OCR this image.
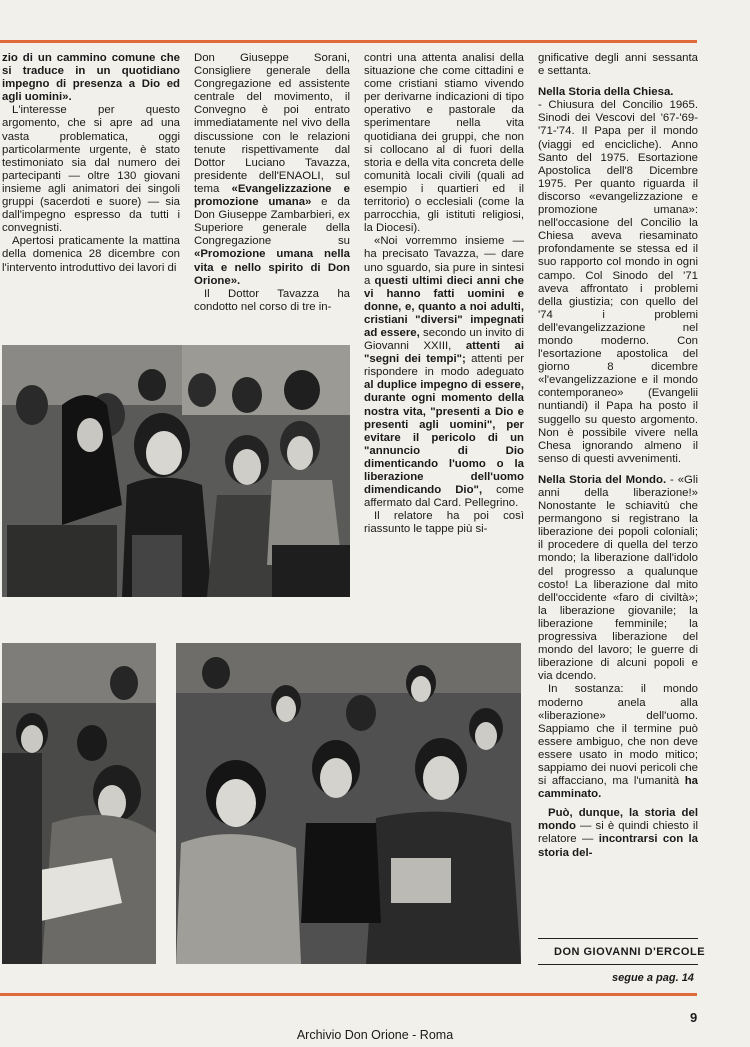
zio di un cammino comune che si traduce in un quotidiano impegno di presenza a Dio ed agli uomini».

L'interesse per questo argomento, che si apre ad una vasta problematica, oggi particolarmente urgente, è stato testimoniato sia dal numero dei partecipanti — oltre 130 giovani insieme agli animatori dei singoli gruppi (sacerdoti e suore) — sia dall'impegno espresso da tutti i convegnisti.

Apertosi praticamente la mattina della domenica 28 dicembre con l'intervento introduttivo dei lavori di

Don Giuseppe Sorani, Consigliere generale della Congregazione ed assistente centrale del movimento, il Convegno è poi entrato immediatamente nel vivo della discussione con le relazioni tenute rispettivamente dal Dottor Luciano Tavazza, presidente dell'ENAOLI, sul tema «Evangelizzazione e promozione umana» e da Don Giuseppe Zambarbieri, ex Superiore generale della Congregazione su «Promozione umana nella vita e nello spirito di Don Orione».

Il Dottor Tavazza ha condotto nel corso di tre in-

contri una attenta analisi della situazione che come cittadini e come cristiani stiamo vivendo per derivarne indicazioni di tipo operativo e pastorale da sperimentare nella vita quotidiana dei gruppi, che non si collocano al di fuori della storia e della vita concreta delle comunità locali civili (quali ad esempio i quartieri ed il territorio) o ecclesiali (come la parrocchia, gli istituti religiosi, la Diocesi).

«Noi vorremmo insieme — ha precisato Tavazza, — dare uno sguardo, sia pure in sintesi a questi ultimi dieci anni che vi hanno fatti uomini e donne, e, quanto a noi adulti, cristiani "diversi" impegnati ad essere, secondo un invito di Giovanni XXIII, attenti ai "segni dei tempi"; attenti per rispondere in modo adeguato al duplice impegno di essere, durante ogni momento della nostra vita, "presenti a Dio e presenti agli uomini", per evitare il pericolo di un "annuncio di Dio dimenticando l'uomo o la liberazione dell'uomo dimendicando Dio", come affermato dal Card. Pellegrino.

Il relatore ha poi così riassunto le tappe più si-

gnificative degli anni sessanta e settanta.

Nella Storia della Chiesa.

- Chiusura del Concilio 1965. Sinodi dei Vescovi del '67-'69-'71-'74. Il Papa per il mondo (viaggi ed encicliche). Anno Santo del 1975. Esortazione Apostolica dell'8 Dicembre 1975. Per quanto riguarda il discorso «evangelizzazione e promozione umana»: nell'occasione del Concilio la Chiesa aveva riesaminato profondamente se stessa ed il suo rapporto col mondo in ogni campo. Col Sinodo del '71 aveva affrontato i problemi della giustizia; con quello del '74 i problemi dell'evangelizzazione nel mondo moderno. Con l'esortazione apostolica del giorno 8 dicembre «l'evangelizzazione e il mondo contemporaneo» (Evangelii nuntiandi) il Papa ha posto il suggello su questo argomento. Non è possibile vivere nella Chesa ignorando almeno il senso di questi avvenimenti.

Nella Storia del Mondo. - «Gli anni della liberazione!» Nonostante le schiavitù che permangono si registrano la liberazione dei popoli coloniali; il procedere di quella del terzo mondo; la liberazione dall'idolo del progresso a qualunque costo! La liberazione dal mito dell'occidente «faro di civiltà»; la liberazione giovanile; la liberazione femminile; la progressiva liberazione del mondo del lavoro; le guerre di liberazione di alcuni popoli e via dcendo.

In sostanza: il mondo moderno anela alla «liberazione» dell'uomo. Sappiamo che il termine può essere ambiguo, che non deve essere usato in modo mitico; sappiamo dei nuovi pericoli che si affacciano, ma l'umanità ha camminato.

Può, dunque, la storia del mondo — si è quindi chiesto il relatore — incontrarsi con la storia del-

DON GIOVANNI D'ERCOLE
segue a pag. 14
9
Archivio Don Orione - Roma
